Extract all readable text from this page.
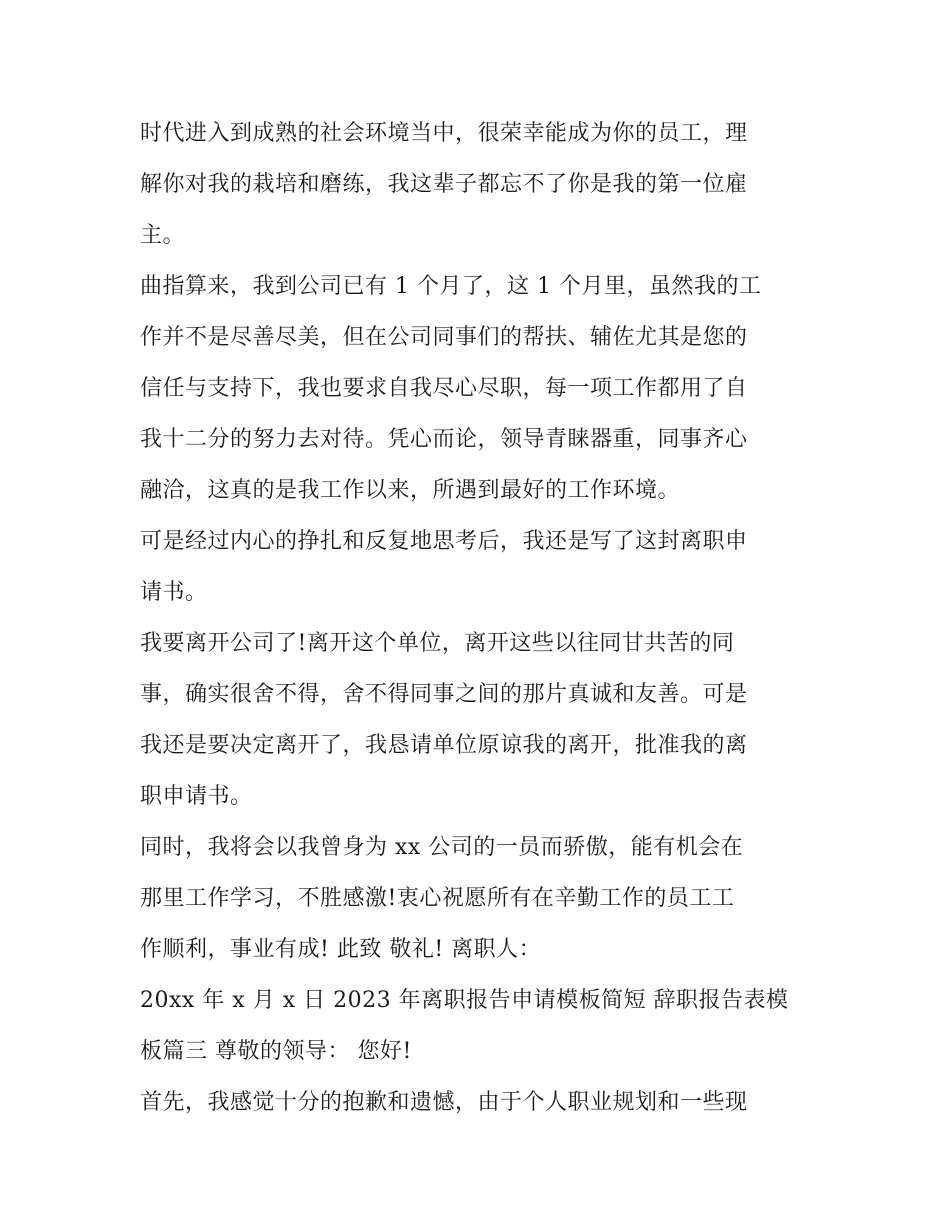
时代进入到成熟的社会环境当中，很荣幸能成为你的员工，理
解你对我的栽培和磨练，我这辈子都忘不了你是我的第一位雇
主。

曲指算来，我到公司已有 1 个月了，这 1 个月里，虽然我的工
作并不是尽善尽美，但在公司同事们的帮扶、辅佐尤其是您的
信任与支持下，我也要求自我尽心尽职，每一项工作都用了自
我十二分的努力去对待。凭心而论，领导青睐器重，同事齐心
融洽，这真的是我工作以来，所遇到最好的工作环境。

可是经过内心的挣扎和反复地思考后，我还是写了这封离职申
请书。

我要离开公司了!离开这个单位，离开这些以往同甘共苦的同
事，确实很舍不得，舍不得同事之间的那片真诚和友善。可是
我还是要决定离开了，我恳请单位原谅我的离开，批准我的离
职申请书。

同时，我将会以我曾身为 xx 公司的一员而骄傲，能有机会在
那里工作学习，不胜感激!衷心祝愿所有在辛勤工作的员工工
作顺利，事业有成! 此致 敬礼! 离职人：

20xx 年 x 月 x 日 2023 年离职报告申请模板简短 辞职报告表模
板篇三 尊敬的领导： 您好!

首先，我感觉十分的抱歉和遗憾，由于个人职业规划和一些现
